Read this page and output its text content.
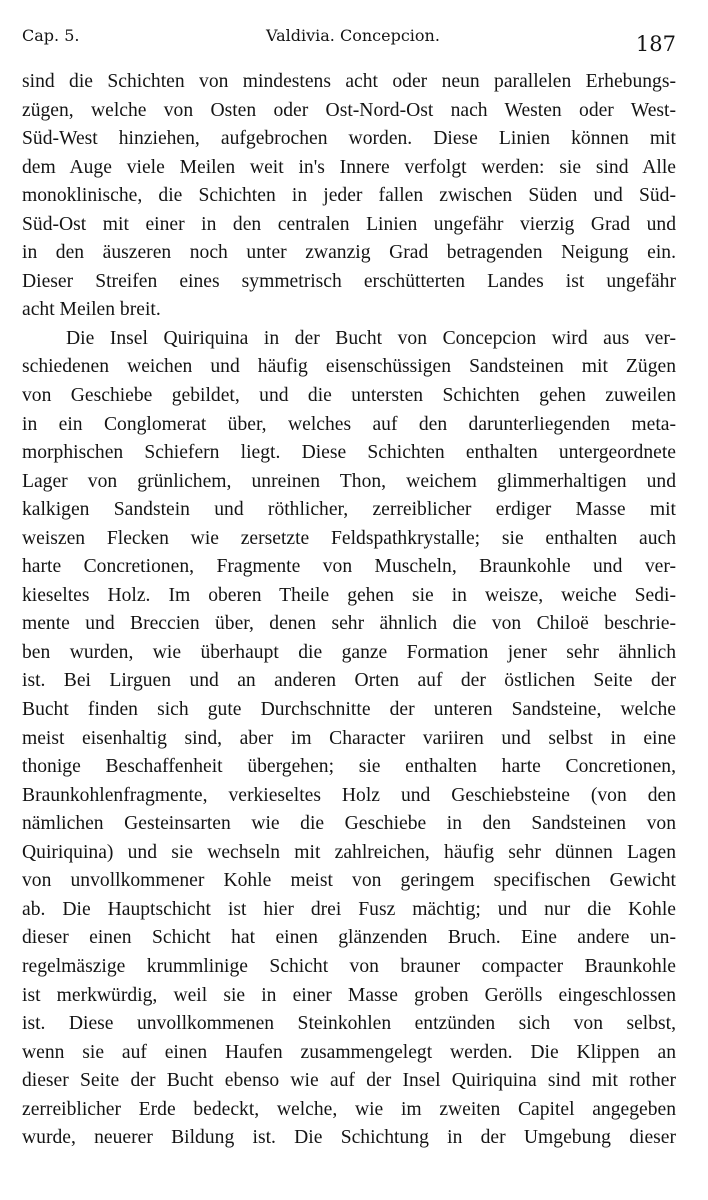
Cap. 5.	Valdivia. Concepcion.	187
sind die Schichten von mindestens acht oder neun parallelen Erhebungs-
zügen, welche von Osten oder Ost-Nord-Ost nach Westen oder West-
Süd-West hinziehen, aufgebrochen worden. Diese Linien können mit
dem Auge viele Meilen weit in's Innere verfolgt werden: sie sind Alle
monoklinische, die Schichten in jeder fallen zwischen Süden und Süd-
Süd-Ost mit einer in den centralen Linien ungefähr vierzig Grad und
in den äuszeren noch unter zwanzig Grad betragenden Neigung ein.
Dieser Streifen eines symmetrisch erschütterten Landes ist ungefähr
acht Meilen breit.
Die Insel Quiriquina in der Bucht von Concepcion wird aus ver-
schiedenen weichen und häufig eisenschüssigen Sandsteinen mit Zügen
von Geschiebe gebildet, und die untersten Schichten gehen zuweilen
in ein Conglomerat über, welches auf den darunterliegenden meta-
morphischen Schiefern liegt. Diese Schichten enthalten untergeordnete
Lager von grünlichem, unreinen Thon, weichem glimmerhaltigen und
kalkigen Sandstein und röthlicher, zerreiblicher erdiger Masse mit
weiszen Flecken wie zersetzte Feldspathkrystalle; sie enthalten auch
harte Concretionen, Fragmente von Muscheln, Braunkohle und ver-
kieseltes Holz. Im oberen Theile gehen sie in weisze, weiche Sedi-
mente und Breccien über, denen sehr ähnlich die von Chiloë beschrie-
ben wurden, wie überhaupt die ganze Formation jener sehr ähnlich
ist. Bei Lirguen und an anderen Orten auf der östlichen Seite der
Bucht finden sich gute Durchschnitte der unteren Sandsteine, welche
meist eisenhaltig sind, aber im Character variiren und selbst in eine
thonige Beschaffenheit übergehen; sie enthalten harte Concretionen,
Braunkohlenfragmente, verkieseltes Holz und Geschiebsteine (von den
nämlichen Gesteinsarten wie die Geschiebe in den Sandsteinen von
Quiriquina) und sie wechseln mit zahlreichen, häufig sehr dünnen Lagen
von unvollkommener Kohle meist von geringem specifischen Gewicht
ab. Die Hauptschicht ist hier drei Fusz mächtig; und nur die Kohle
dieser einen Schicht hat einen glänzenden Bruch. Eine andere un-
regelmäszige krummlinige Schicht von brauner compacter Braunkohle
ist merkwürdig, weil sie in einer Masse groben Gerölls eingeschlossen
ist. Diese unvollkommenen Steinkohlen entzünden sich von selbst,
wenn sie auf einen Haufen zusammengelegt werden. Die Klippen an
dieser Seite der Bucht ebenso wie auf der Insel Quiriquina sind mit rother
zerreiblicher Erde bedeckt, welche, wie im zweiten Capitel angegeben
wurde, neuerer Bildung ist. Die Schichtung in der Umgebung dieser
